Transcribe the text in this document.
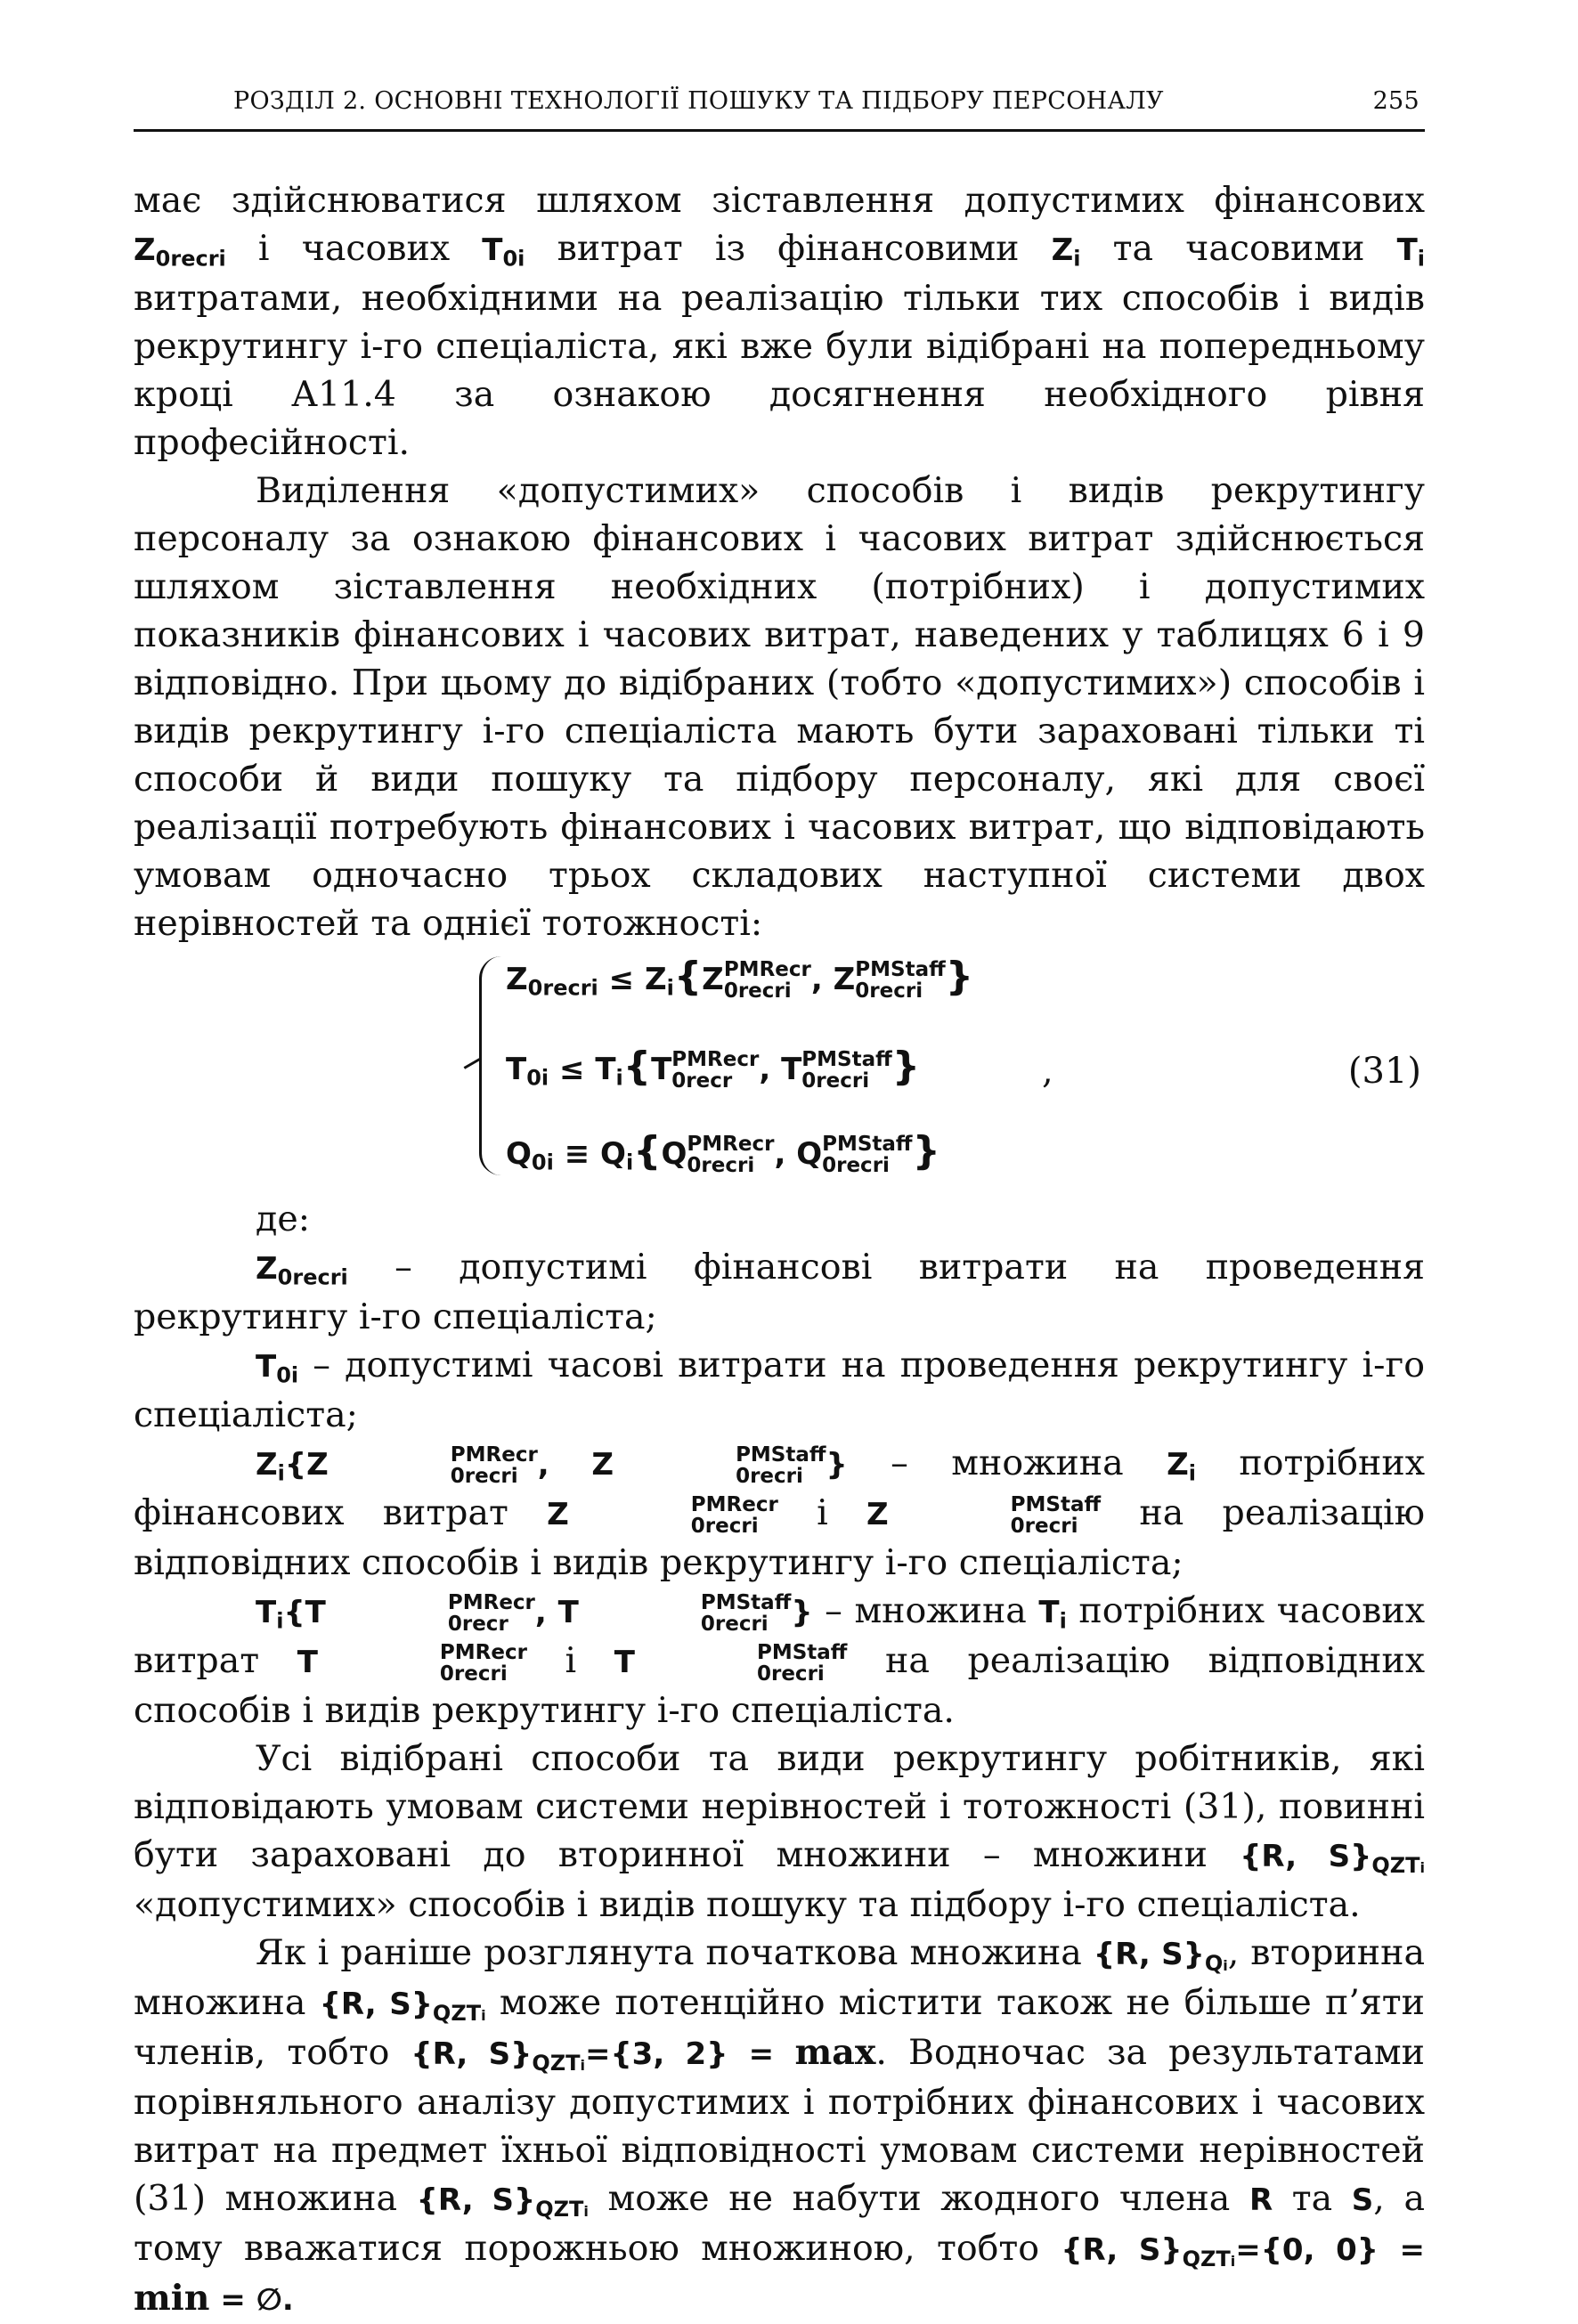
РОЗДІЛ 2. ОСНОВНІ ТЕХНОЛОГІЇ ПОШУКУ ТА ПІДБОРУ ПЕРСОНАЛУ	255

має здійснюватися шляхом зіставлення допустимих фінансових $Z_{0recri}$ і часових $T_{0i}$ витрат із фінансовими $Z_i$ та часовими $T_i$ витратами, необхідними на реалізацію тільки тих способів і видів рекрутингу і-го спеціаліста, які вже були відібрані на попередньому кроці А11.4 за ознакою досягнення необхідного рівня професійності.

Виділення «допустимих» способів і видів рекрутингу персоналу за ознакою фінансових і часових витрат здійснюється шляхом зіставлення необхідних (потрібних) і допустимих показників фінансових і часових витрат, наведених у таблицях 6 і 9 відповідно. При цьому до відібраних (тобто «допустимих») способів і видів рекрутингу і-го спеціаліста мають бути зараховані тільки ті способи й види пошуку та підбору персоналу, які для своєї реалізації потребують фінансових і часових витрат, що відповідають умовам одночасно трьох складових наступної системи двох нерівностей та однієї тотожності:

$Z_{0recri} \le Z_i\{Z$ PMRecr
0recri , Z PMStaff
0recri }
$T_{0i} \le T_i\{T$ PMRecr
0recr , T PMStaff
0recri }
$Q_{0i} \equiv Q_i\{Q$ PMRecr
0recri , Q PMStaff
0recri }
,	(31)

де:

$Z_{0recri}$ – допустимі фінансові витрати на проведення рекрутингу і-го спеціаліста;

$T_{0i}$ – допустимі часові витрати на проведення рекрутингу і-го спеціаліста;

$Z_i\{Z$	PMRecr
0recri , Z	PMStaff
0recri } – множина $Z_i$ потрібних фінансових витрат Z	PMRecr
0recri і Z	PMStaff
0recri на реалізацію відповідних способів і видів рекрутингу і-го спеціаліста;

$T_i\{T$	PMRecr
0recr , T	PMStaff
0recri } – множина $T_i$ потрібних часових витрат T	PMRecr
0recri і T	PMStaff
0recri на реалізацію відповідних способів і видів рекрутингу і-го спеціаліста.

Усі відібрані способи та види рекрутингу робітників, які відповідають умовам системи нерівностей і тотожності (31), повинні бути зараховані до вторинної множини – множини {R, $S\}_{QZTi}$ «допустимих» способів і видів пошуку та підбору і-го спеціаліста.

Як і раніше розглянута початкова множина {R, $S\}_{Qi}$, вторинна множина {R, $S\}_{QZTi}$ може потенційно містити також не більше п’яти членів, тобто {R, $S\}_{QZTi}=\{3$, 2} = max. Водночас за результатами порівняльного аналізу допустимих і потрібних фінансових і часових витрат на предмет їхньої відповідності умовам системи нерівностей (31) множина {R, $S\}_{QZTi}$ може не набути жодного члена R та S, а тому вважатися порожньою множиною, тобто {R, $S\}_{QZTi}=\{0$, 0} = min = ∅.
